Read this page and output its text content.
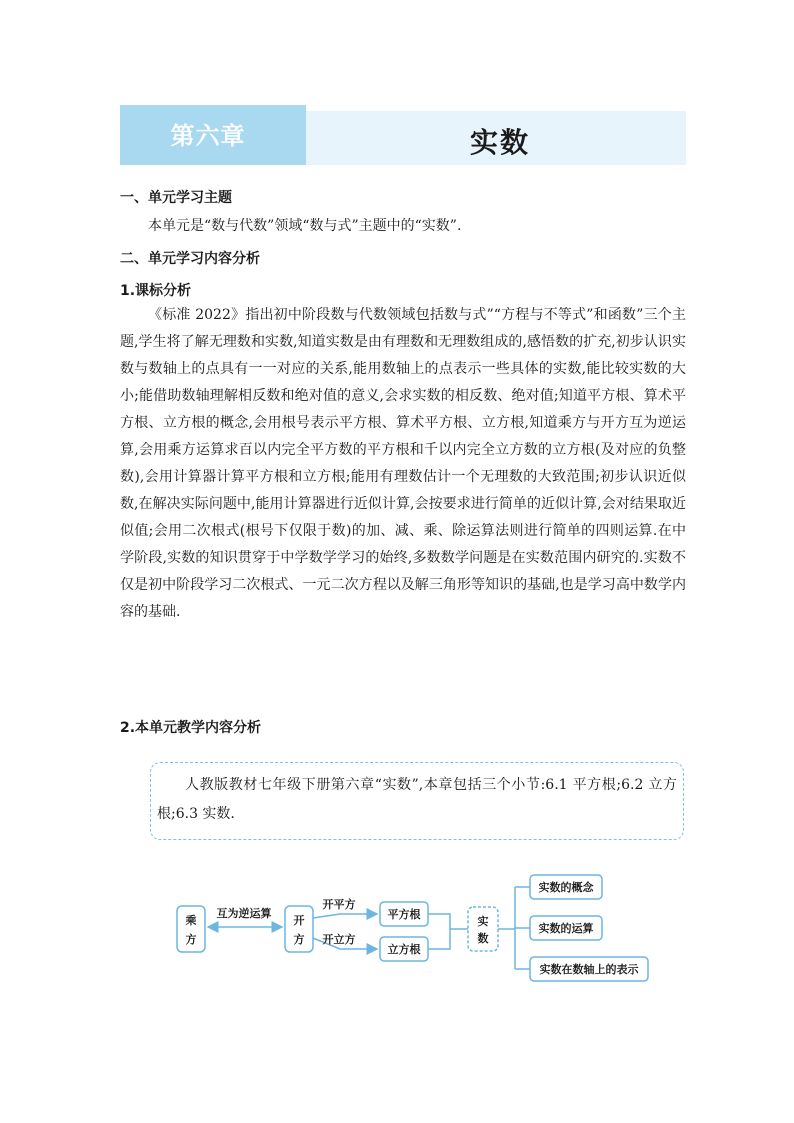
第六章	实数
一、单元学习主题
本单元是“数与代数”领域“数与式”主题中的“实数”.
二、单元学习内容分析
1.课标分析
《标准 2022》指出初中阶段数与代数领域包括数与式”“方程与不等式”和函数”三个主题,学生将了解无理数和实数,知道实数是由有理数和无理数组成的,感悟数的扩充,初步认识实数与数轴上的点具有一一对应的关系,能用数轴上的点表示一些具体的实数,能比较实数的大小;能借助数轴理解相反数和绝对值的意义,会求实数的相反数、绝对值;知道平方根、算术平方根、立方根的概念,会用根号表示平方根、算术平方根、立方根,知道乘方与开方互为逆运算,会用乘方运算求百以内完全平方数的平方根和千以内完全立方数的立方根(及对应的负整数),会用计算器计算平方根和立方根;能用有理数估计一个无理数的大致范围;初步认识近似数,在解决实际问题中,能用计算器进行近似计算,会按要求进行简单的近似计算,会对结果取近似值;会用二次根式(根号下仅限于数)的加、减、乘、除运算法则进行简单的四则运算.在中学阶段,实数的知识贯穿于中学数学学习的始终,多数数学问题是在实数范围内研究的.实数不仅是初中阶段学习二次根式、一元二次方程以及解三角形等知识的基础,也是学习高中数学内容的基础.
2.本单元教学内容分析

人教版教材七年级下册第六章“实数”,本章包括三个小节:6.1 平方根;6.2 立方根;6.3 实数.

乘
方
互为逆运算
开
方
开平方
开立方
平方根
立方根
实
数
实数的概念
实数的运算
实数在数轴上的表示
